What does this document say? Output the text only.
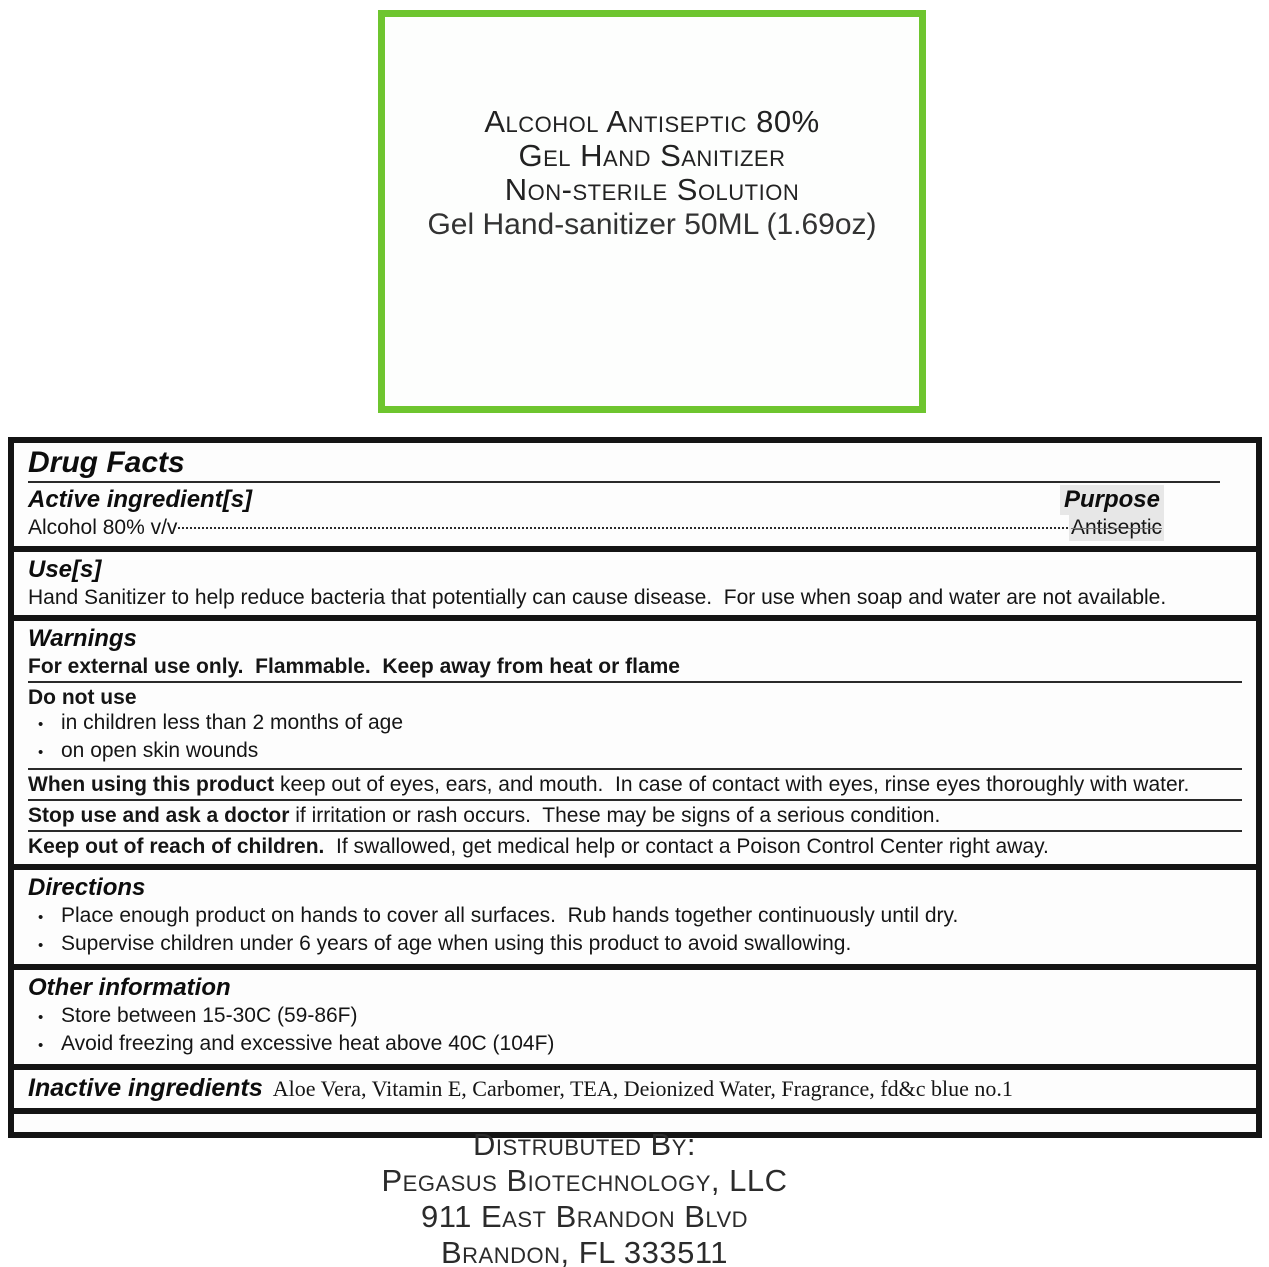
Alcohol Antiseptic 80%
Gel Hand Sanitizer
Non-sterile Solution
Gel Hand-sanitizer 50ML (1.69oz)
Drug Facts
Active ingredient[s]	Purpose
Alcohol 80% v/v	Antiseptic
Use[s]
Hand Sanitizer to help reduce bacteria that potentially can cause disease.  For use when soap and water are not available.
Warnings
For external use only.  Flammable.  Keep away from heat or flame
Do not use
• in children less than 2 months of age
• on open skin wounds
When using this product keep out of eyes, ears, and mouth.  In case of contact with eyes, rinse eyes thoroughly with water.
Stop use and ask a doctor if irritation or rash occurs.  These may be signs of a serious condition.
Keep out of reach of children.  If swallowed, get medical help or contact a Poison Control Center right away.
Directions
• Place enough product on hands to cover all surfaces.  Rub hands together continuously until dry.
• Supervise children under 6 years of age when using this product to avoid swallowing.
Other information
• Store between 15-30C (59-86F)
• Avoid freezing and excessive heat above 40C (104F)
Inactive ingredients Aloe Vera, Vitamin E, Carbomer, TEA, Deionized Water, Fragrance, fd&c blue no.1
Distrubuted By:
Pegasus Biotechnology, LLC
911 East Brandon Blvd
Brandon, FL 333511
